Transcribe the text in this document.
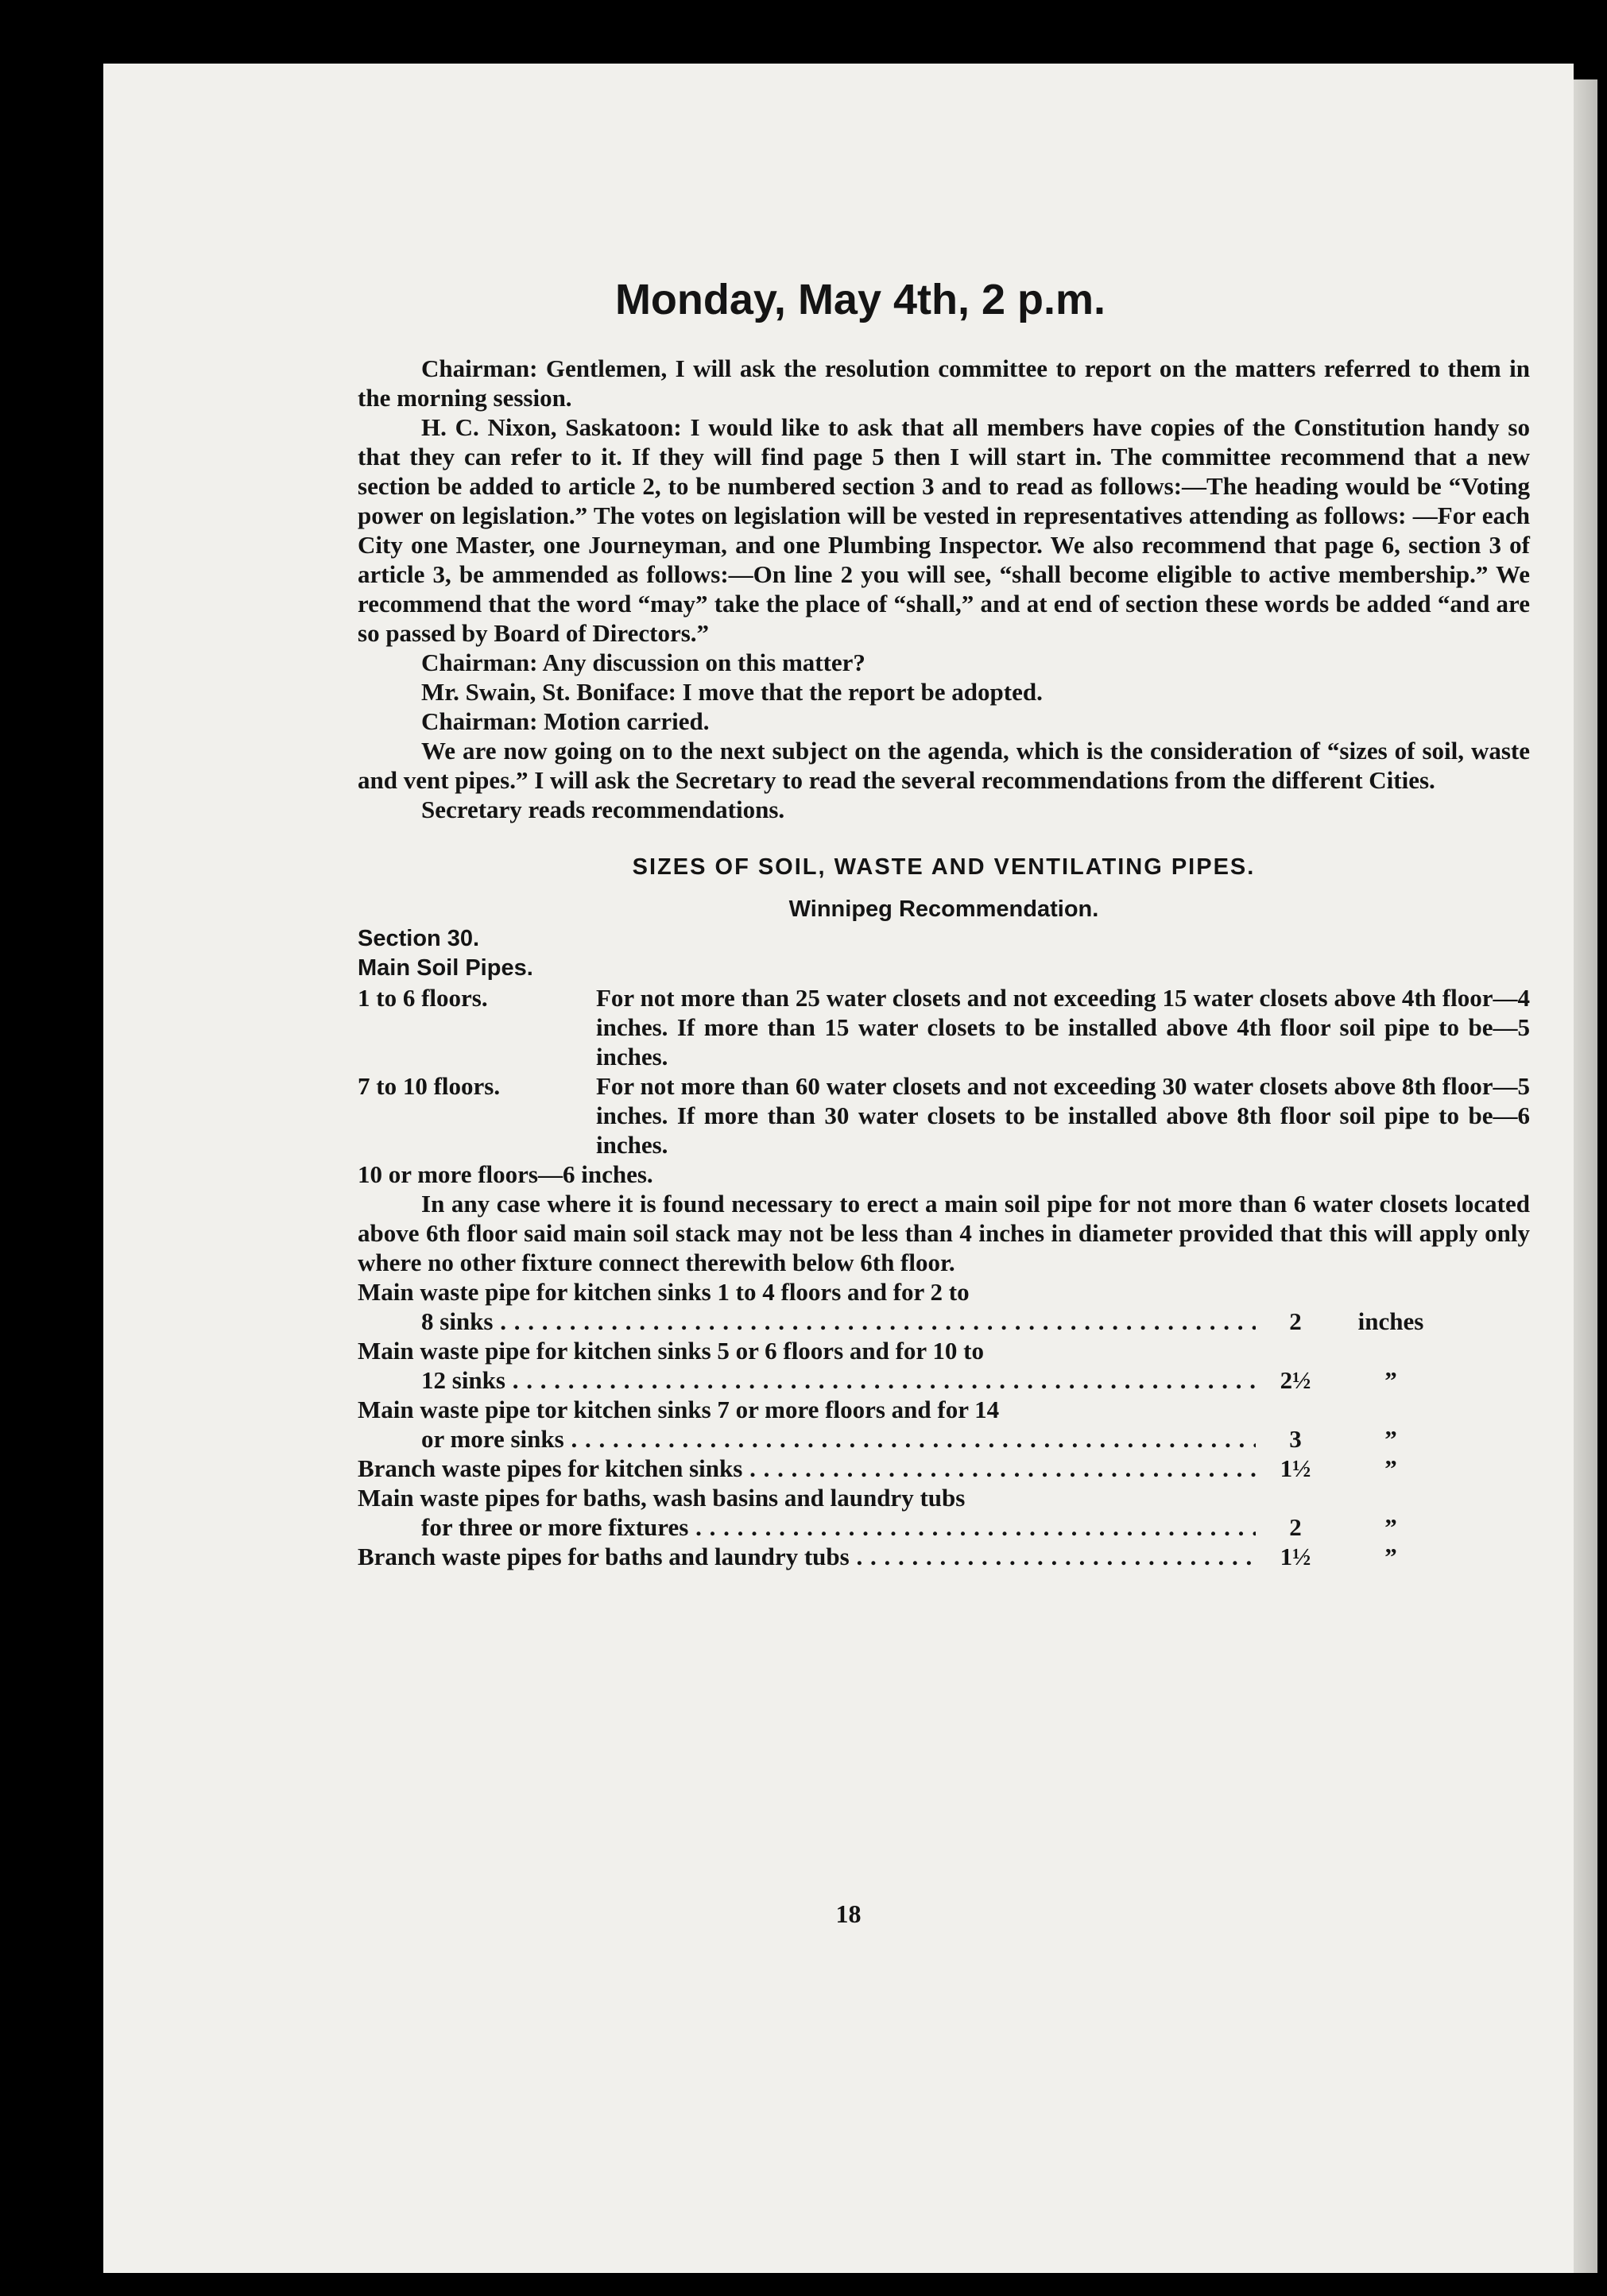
Monday, May 4th, 2 p.m.

Chairman: Gentlemen, I will ask the resolution committee to report on the matters referred to them in the morning session.

H. C. Nixon, Saskatoon: I would like to ask that all members have copies of the Constitution handy so that they can refer to it. If they will find page 5 then I will start in. The committee recommend that a new section be added to article 2, to be numbered section 3 and to read as follows:—The heading would be “Voting power on legislation.” The votes on legislation will be vested in representatives attending as follows: —For each City one Master, one Journeyman, and one Plumbing Inspector. We also recommend that page 6, section 3 of article 3, be ammended as follows:—On line 2 you will see, “shall become eligible to active membership.” We recommend that the word “may” take the place of “shall,” and at end of section these words be added “and are so passed by Board of Directors.”

Chairman: Any discussion on this matter?

Mr. Swain, St. Boniface: I move that the report be adopted.

Chairman: Motion carried.

We are now going on to the next subject on the agenda, which is the consideration of “sizes of soil, waste and vent pipes.” I will ask the Secretary to read the several recommendations from the different Cities.

Secretary reads recommendations.

SIZES OF SOIL, WASTE AND VENTILATING PIPES.

Winnipeg Recommendation.

Section 30.

Main Soil Pipes.

1 to 6 floors.	For not more than 25 water closets and not exceeding 15 water closets above 4th floor—4 inches. If more than 15 water closets to be installed above 4th floor soil pipe to be—5 inches.
7 to 10 floors.	For not more than 60 water closets and not exceeding 30 water closets above 8th floor—5 inches. If more than 30 water closets to be installed above 8th floor soil pipe to be—6 inches.

10 or more floors—6 inches.

In any case where it is found necessary to erect a main soil pipe for not more than 6 water closets located above 6th floor said main soil stack may not be less than 4 inches in diameter provided that this will apply only where no other fixture connect therewith below 6th floor.

Main waste pipe for kitchen sinks 1 to 4 floors and for 2 to
8 sinks . . .	2	inches
Main waste pipe for kitchen sinks 5 or 6 floors and for 10 to
12 sinks . . .	2½	”
Main waste pipe tor kitchen sinks 7 or more floors and for 14
or more sinks . . .	3	”
Branch waste pipes for kitchen sinks . . .	1½	”
Main waste pipes for baths, wash basins and laundry tubs
for three or more fixtures . . .	2	”
Branch waste pipes for baths and laundry tubs . . .	1½	”
18
